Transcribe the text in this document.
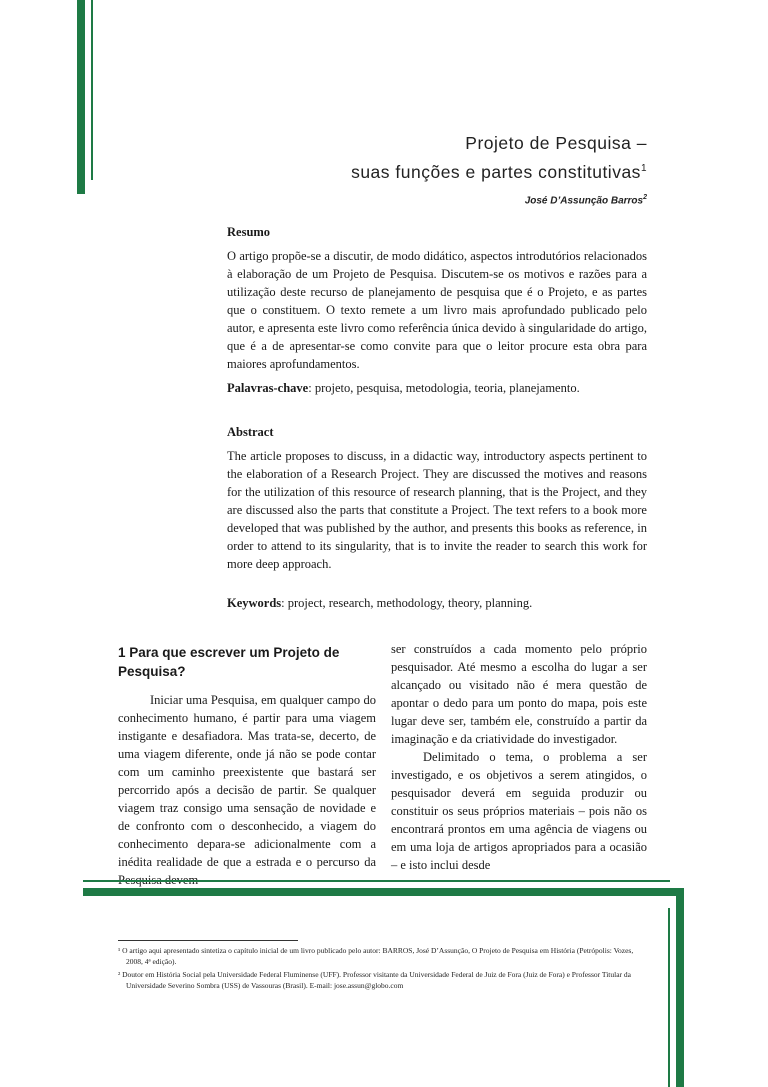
Projeto de Pesquisa –
suas funções e partes constitutivas$^1$
José D’Assunção Barros$^2$
Resumo

O artigo propõe-se a discutir, de modo didático, aspectos introdutórios relacionados à elaboração de um Projeto de Pesquisa. Discutem-se os motivos e razões para a utilização deste recurso de planejamento de pesquisa que é o Projeto, e as partes que o constituem. O texto remete a um livro mais aprofundado publicado pelo autor, e apresenta este livro como referência única devido à singularidade do artigo, que é a de apresentar-se como convite para que o leitor procure esta obra para maiores aprofundamentos.

Palavras-chave: projeto, pesquisa, metodologia, teoria, planejamento.
Abstract

The article proposes to discuss, in a didactic way, introductory aspects pertinent to the elaboration of a Research Project. They are discussed the motives and reasons for the utilization of this resource of research planning, that is the Project, and they are discussed also the parts that constitute a Project. The text refers to a book more developed that was published by the author, and presents this books as reference, in order to attend to its singularity, that is to invite the reader to search this work for more deep approach.

Keywords: project, research, methodology, theory, planning.
1 Para que escrever um Projeto de Pesquisa?

Iniciar uma Pesquisa, em qualquer campo do conhecimento humano, é partir para uma viagem instigante e desafiadora. Mas trata-se, decerto, de uma viagem diferente, onde já não se pode contar com um caminho preexistente que bastará ser percorrido após a decisão de partir. Se qualquer viagem traz consigo uma sensação de novidade e de confronto com o desconhecido, a viagem do conhecimento depara-se adicionalmente com a inédita realidade de que a estrada e o percurso da

ser construídos a cada momento pelo próprio pesquisador. Até mesmo a escolha do lugar a ser alcançado ou visitado não é mera questão de apontar o dedo para um ponto do mapa, pois este lugar deve ser, também ele, construído a partir da imaginação e da criatividade do investigador.

Delimitado o tema, o problema a ser investigado, e os objetivos a serem atingidos, o pesquisador deverá em seguida produzir ou constituir os seus próprios materiais – pois não os encontrará prontos em uma agência de viagens ou em uma loja de artigos apropriados para a ocasião – e isto inclui desde

¹ O artigo aqui apresentado sintetiza o capítulo inicial de um livro publicado pelo autor: BARROS, José D’Assunção, O Projeto de Pesquisa em História (Petrópolis: Vozes, 2008, 4ª edição).

² Doutor em História Social pela Universidade Federal Fluminense (UFF). Professor visitante da Universidade Federal de Juiz de Fora (Juiz de Fora) e Professor Titular da Universidade Severino Sombra (USS) de Vassouras (Brasil). E-mail: jose.assun@globo.com
